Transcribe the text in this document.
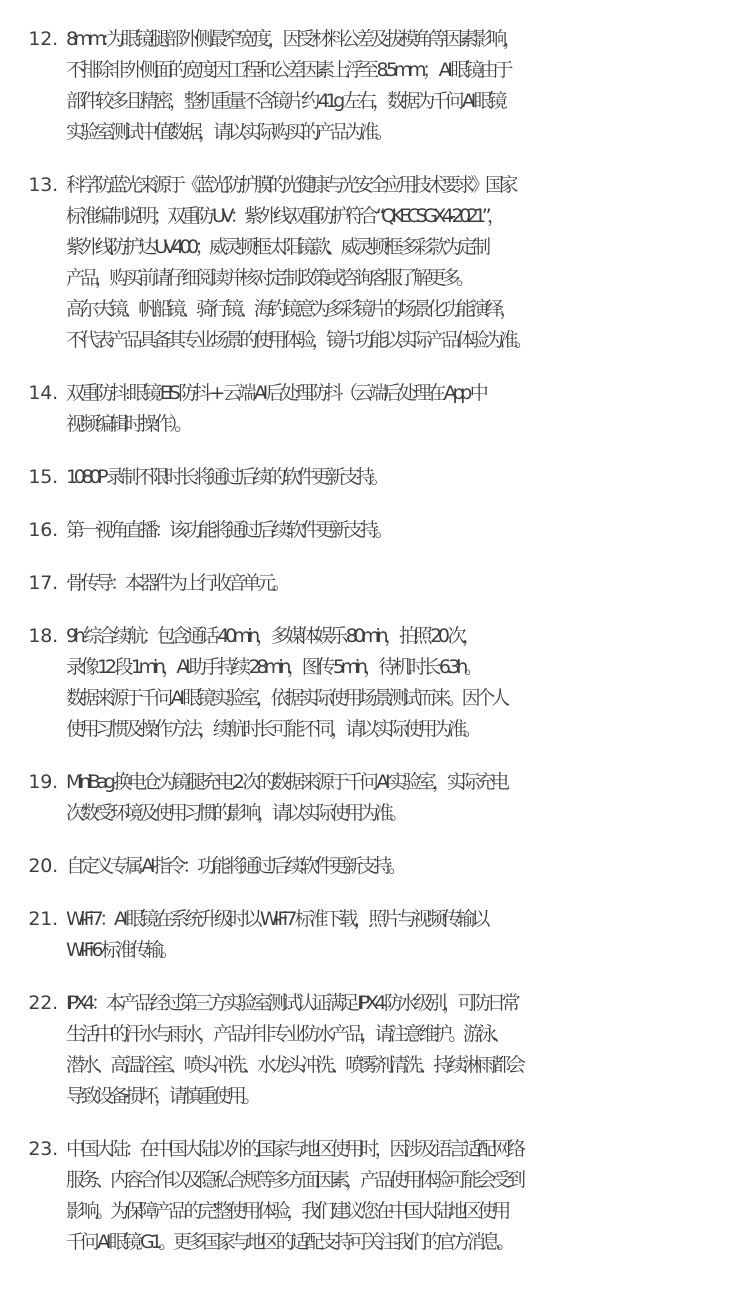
12. 8mm: 为眼镜腿部外侧最窄宽度，因受材料公差及拔模角等因素影响，
不排除非外侧面的宽度因工程和公差因素上浮至 8.5mm； AI 眼镜由于
部件较多且精密，整机重量不含镜片约 41g 左右，数据为千问 AI 眼镜
实验室测试中值数据，请以实际购买的产品为准。
13. 科学防蓝光来源于《蓝光防护膜的光健康与光安全应用技术要求》国家
标准编制说明；双重防 UV：紫外线双重防护符合 “QKECSGX4-2021”，
紫外线防护达 UV400；威灵顿框·太阳镜款、威灵顿框·多彩款为定制
产品，购买前请仔细阅读并核对定制政策或咨询客服了解更多。
高尔夫镜、帆船镜、骑行镜、海钓镜意为多彩镜片的场景化功能演绎，
不代表产品具备其专业场景的使用体验，镜片功能以实际产品体验为准。
14. 双重防抖: 眼镜 EIS 防抖 + 云端 AI 后处理防抖（云端后处理在 App 中
视频编辑时操作）。
15. 1080P 录制不限时长将通过后续的软件更新支持。
16. 第一视角直播：该功能将通过后续软件更新支持。
17. 骨传导：本器件为上行收音单元。
18. 9h 综合续航：包含通话 40min，多媒体娱乐 80min，拍照 20 次，
录像 12 段 1min，AI 助手持续 28min，图传 5min，待机时长 6.3h。
数据来源于千问 AI 眼镜实验室，依据实际使用场景测试而来。因个人
使用习惯及操作方法，续航时长可能不同，请以实际使用为准。
19. MiniBag 换电仓为镜腿充电 2 次的数据来源于千问 AI 实验室，实际充电
次数受环境及使用习惯的影响，请以实际使用为准。
20. 自定义专属 AI 指令：功能将通过后续软件更新支持。
21. Wi-Fi 7：AI 眼镜在系统升级时以 Wi-Fi 7 标准下载，照片与视频传输以
Wi-Fi 6 标准传输。
22. IPX4：本产品经过第三方实验室测试认证满足 IPX4 防水级别，可防日常
生活中的汗水与雨水，产品并非专业防水产品，请注意维护。游泳、
潜水、高温浴室、喷头冲洗、水龙头冲洗、喷雾剂清洗、持续淋雨都会
导致设备损坏，请慎重使用。
23. 中国大陆：在中国大陆以外的国家与地区使用时，因涉及语言适配网络
服务、内容合作以及隐私合规等多方面因素，产品使用体验可能会受到
影响。为保障产品的完整使用体验，我们建议您在中国大陆地区使用
千问 AI 眼镜 G1。更多国家与地区的适配支持可关注我们的官方消息。
